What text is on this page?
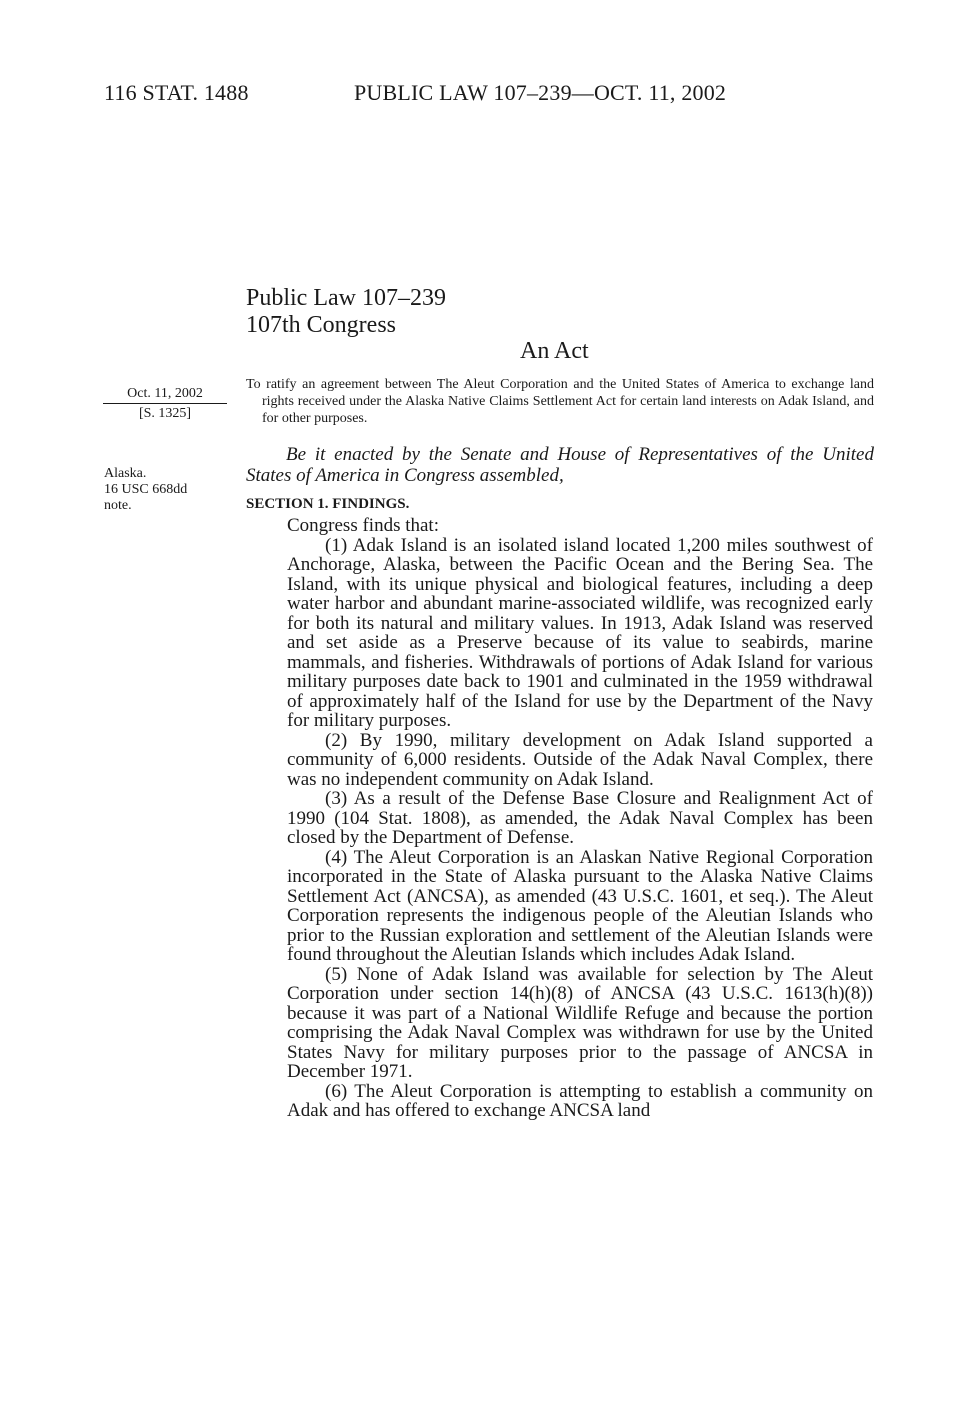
116 STAT. 1488	PUBLIC LAW 107–239—OCT. 11, 2002
Public Law 107–239
107th Congress
An Act
Oct. 11, 2002
[S. 1325]
Alaska.
16 USC 668dd
note.
To ratify an agreement between The Aleut Corporation and the United States of America to exchange land rights received under the Alaska Native Claims Settlement Act for certain land interests on Adak Island, and for other purposes.
Be it enacted by the Senate and House of Representatives of the United States of America in Congress assembled,
SECTION 1. FINDINGS.

Congress finds that:

(1) Adak Island is an isolated island located 1,200 miles southwest of Anchorage, Alaska, between the Pacific Ocean and the Bering Sea. The Island, with its unique physical and biological features, including a deep water harbor and abundant marine-associated wildlife, was recognized early for both its natural and military values. In 1913, Adak Island was reserved and set aside as a Preserve because of its value to seabirds, marine mammals, and fisheries. Withdrawals of portions of Adak Island for various military purposes date back to 1901 and culminated in the 1959 withdrawal of approximately half of the Island for use by the Department of the Navy for military purposes.

(2) By 1990, military development on Adak Island supported a community of 6,000 residents. Outside of the Adak Naval Complex, there was no independent community on Adak Island.

(3) As a result of the Defense Base Closure and Realignment Act of 1990 (104 Stat. 1808), as amended, the Adak Naval Complex has been closed by the Department of Defense.

(4) The Aleut Corporation is an Alaskan Native Regional Corporation incorporated in the State of Alaska pursuant to the Alaska Native Claims Settlement Act (ANCSA), as amended (43 U.S.C. 1601, et seq.). The Aleut Corporation represents the indigenous people of the Aleutian Islands who prior to the Russian exploration and settlement of the Aleutian Islands were found throughout the Aleutian Islands which includes Adak Island.

(5) None of Adak Island was available for selection by The Aleut Corporation under section 14(h)(8) of ANCSA (43 U.S.C. 1613(h)(8)) because it was part of a National Wildlife Refuge and because the portion comprising the Adak Naval Complex was withdrawn for use by the United States Navy for military purposes prior to the passage of ANCSA in December 1971.

(6) The Aleut Corporation is attempting to establish a community on Adak and has offered to exchange ANCSA land
